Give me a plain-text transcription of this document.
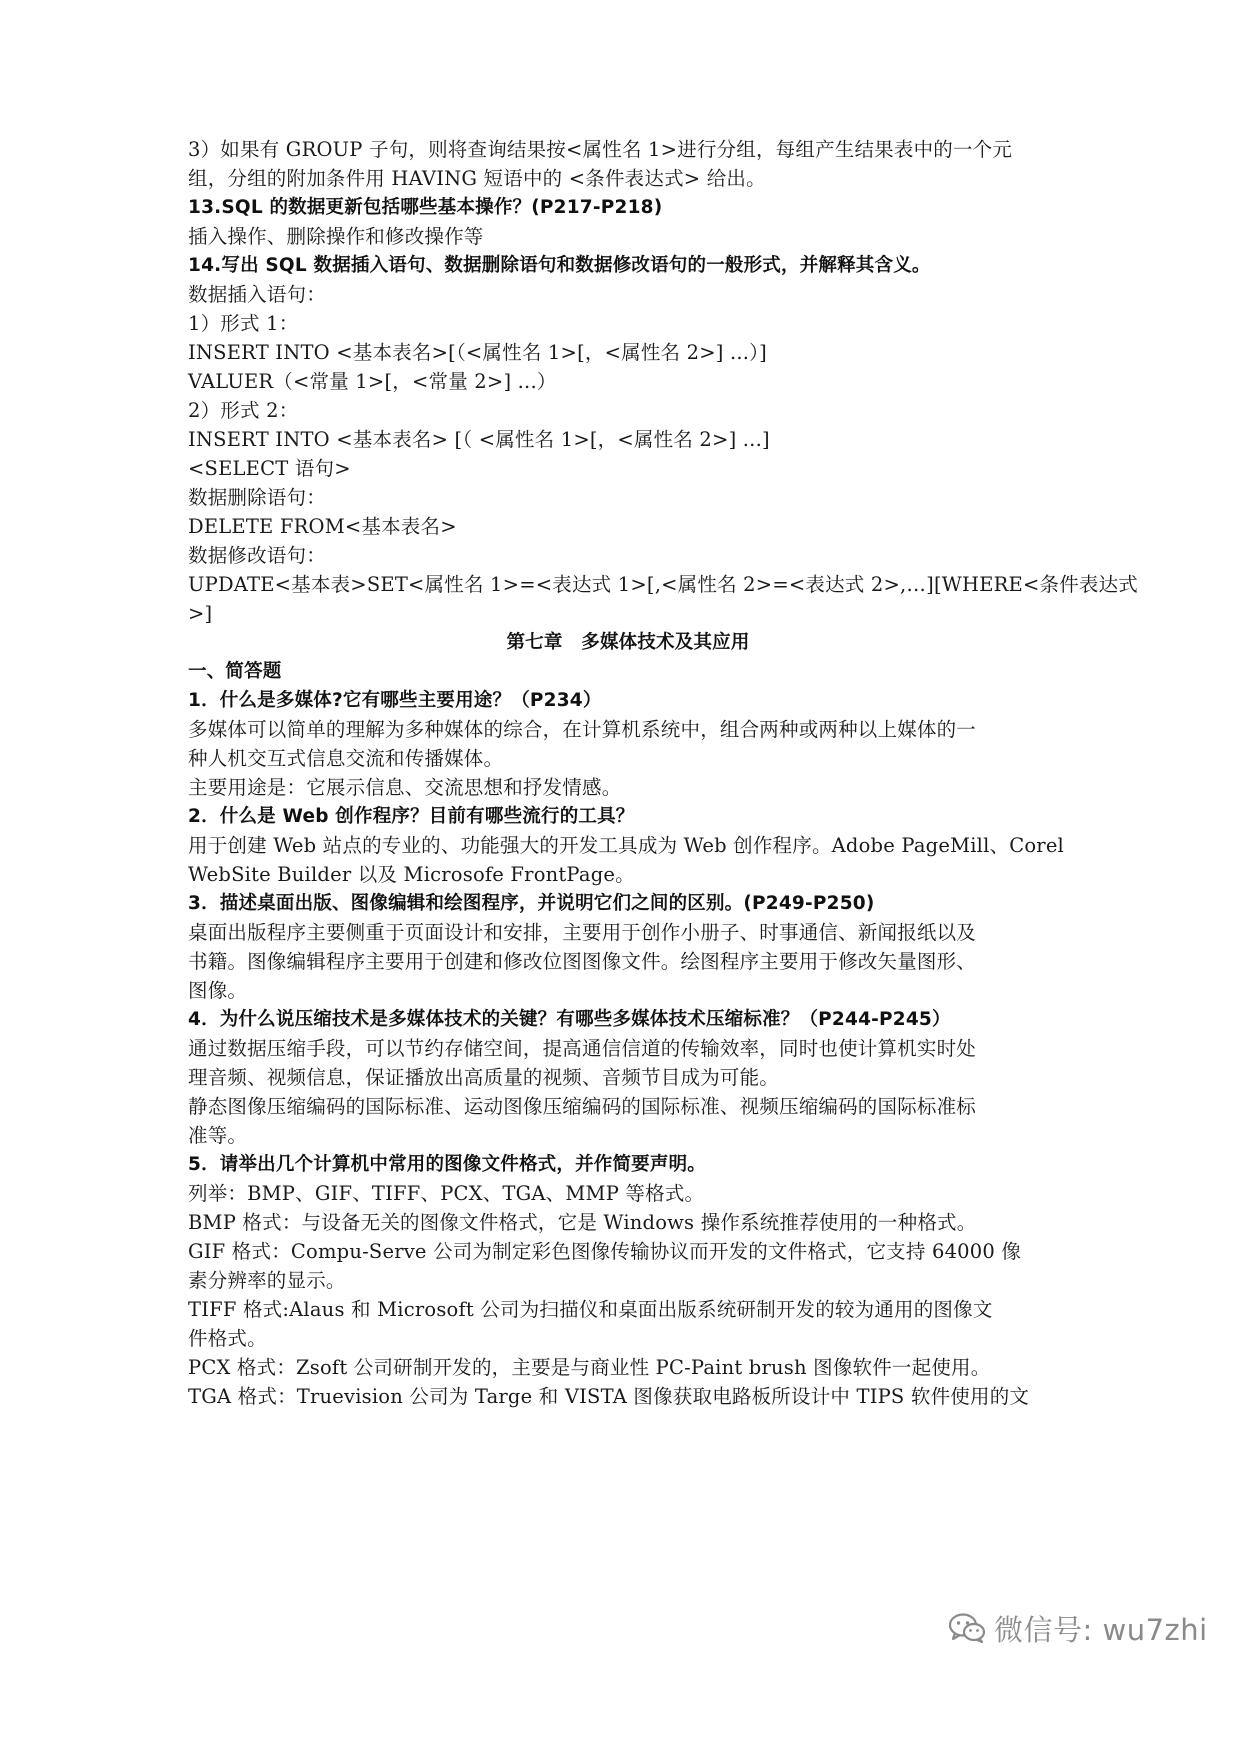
3）如果有 GROUP 子句，则将查询结果按<属性名 1>进行分组，每组产生结果表中的一个元
组，分组的附加条件用 HAVING 短语中的 <条件表达式> 给出。
13.SQL 的数据更新包括哪些基本操作？(P217-P218)
插入操作、删除操作和修改操作等
14.写出 SQL 数据插入语句、数据删除语句和数据修改语句的一般形式，并解释其含义。
数据插入语句：
1）形式 1：
INSERT INTO <基本表名>[（<属性名 1>[，<属性名 2>] ...）]
VALUER（<常量 1>[，<常量 2>] ...）
2）形式 2：
INSERT INTO <基本表名> [（ <属性名 1>[，<属性名 2>] ...]
<SELECT 语句>
数据删除语句：
DELETE FROM<基本表名>
数据修改语句：
UPDATE<基本表>SET<属性名 1>=<表达式 1>[,<属性名 2>=<表达式 2>,…][WHERE<条件表达式
>]
第七章　多媒体技术及其应用
一、简答题
1．什么是多媒体?它有哪些主要用途？（P234）
多媒体可以简单的理解为多种媒体的综合，在计算机系统中，组合两种或两种以上媒体的一
种人机交互式信息交流和传播媒体。
主要用途是：它展示信息、交流思想和抒发情感。
2．什么是 Web 创作程序？目前有哪些流行的工具？
用于创建 Web 站点的专业的、功能强大的开发工具成为 Web 创作程序。Adobe PageMill、Corel
WebSite Builder 以及 Microsofe FrontPage。
3．描述桌面出版、图像编辑和绘图程序，并说明它们之间的区别。(P249-P250)
桌面出版程序主要侧重于页面设计和安排，主要用于创作小册子、时事通信、新闻报纸以及
书籍。图像编辑程序主要用于创建和修改位图图像文件。绘图程序主要用于修改矢量图形、
图像。
4．为什么说压缩技术是多媒体技术的关键？有哪些多媒体技术压缩标准？（P244-P245）
通过数据压缩手段，可以节约存储空间，提高通信信道的传输效率，同时也使计算机实时处
理音频、视频信息，保证播放出高质量的视频、音频节目成为可能。
静态图像压缩编码的国际标准、运动图像压缩编码的国际标准、视频压缩编码的国际标准标
准等。
5．请举出几个计算机中常用的图像文件格式，并作简要声明。
列举：BMP、GIF、TIFF、PCX、TGA、MMP 等格式。
BMP 格式：与设备无关的图像文件格式，它是 Windows 操作系统推荐使用的一种格式。
GIF 格式：Compu-Serve 公司为制定彩色图像传输协议而开发的文件格式，它支持 64000 像
素分辨率的显示。
TIFF 格式:Alaus 和 Microsoft 公司为扫描仪和桌面出版系统研制开发的较为通用的图像文
件格式。
PCX 格式：Zsoft 公司研制开发的，主要是与商业性 PC-Paint brush 图像软件一起使用。
TGA 格式：Truevision 公司为 Targe 和 VISTA 图像获取电路板所设计中 TIPS 软件使用的文
微信号: wu7zhi
